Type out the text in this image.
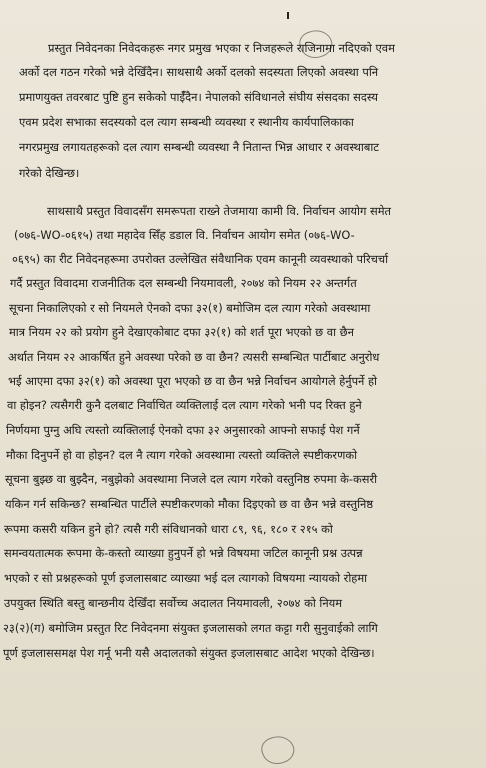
प्रस्तुत निवेदनका निवेदकहरू नगर प्रमुख भएका र निजहरूले राजिनामा नदिएको एवम
अर्को दल गठन गरेको भन्ने देखिँदैन। साथसाथै अर्को दलको सदस्यता लिएको अवस्था पनि
प्रमाणयुक्त तवरबाट पुष्टि हुन सकेको पाईँदैन। नेपालको संविधानले संघीय संसदका सदस्य
एवम प्रदेश सभाका सदस्यको दल त्याग सम्बन्धी व्यवस्था र स्थानीय कार्यपालिकाका
नगरप्रमुख लगायतहरूको दल त्याग सम्बन्धी व्यवस्था नै नितान्त भिन्न आधार र अवस्थाबाट
गरेको देखिन्छ।
साथसाथै प्रस्तुत विवादसँग समरूपता राख्ने तेजमाया कामी वि. निर्वाचन आयोग समेत
(०७६-WO-०६१५) तथा महादेव सिँह डडाल वि. निर्वाचन आयोग समेत (०७६-WO-
०६९५) का रीट निवेदनहरूमा उपरोक्त उल्लेखित संवैधानिक एवम कानूनी व्यवस्थाको परिचर्चा
गर्दै प्रस्तुत विवादमा राजनीतिक दल सम्बन्धी नियमावली, २०७४ को नियम २२ अन्तर्गत
सूचना निकालिएको र सो नियमले ऐनको दफा ३२(१) बमोजिम दल त्याग गरेको अवस्थामा
मात्र नियम २२ को प्रयोग हुने देखाएकोबाट दफा ३२(१) को शर्त पूरा भएको छ वा छैन
अर्थात नियम २२ आकर्षित हुने अवस्था परेको छ वा छैन? त्यसरी सम्बन्धित पार्टीबाट अनुरोध
भई आएमा दफा ३२(१) को अवस्था पूरा भएको छ वा छैन भन्ने निर्वाचन आयोगले हेर्नुपर्ने हो
वा होइन? त्यसैगरी कुनै दलबाट निर्वाचित व्यक्तिलाई दल त्याग गरेको भनी पद रिक्त हुने
निर्णयमा पुग्नु अघि त्यस्तो व्यक्तिलाई ऐनको दफा ३२ अनुसारको आफ्नो सफाई पेश गर्ने
मौका दिनुपर्ने हो वा होइन? दल नै त्याग गरेको अवस्थामा त्यस्तो व्यक्तिले स्पष्टीकरणको
सूचना बुझ्छ वा बुझ्दैन, नबुझेको अवस्थामा निजले दल त्याग गरेको वस्तुनिष्ठ रुपमा के-कसरी
यकिन गर्न सकिन्छ? सम्बन्धित पार्टीले स्पष्टीकरणको मौका दिइएको छ वा छैन भन्ने वस्तुनिष्ठ
रूपमा कसरी यकिन हुने हो? त्यसै गरी संविधानको धारा ८९, ९६, १८० र २१५ को
समन्वयतात्मक रूपमा के-कस्तो व्याख्या हुनुपर्ने हो भन्ने विषयमा जटिल कानूनी प्रश्न उत्पन्न
भएको र सो प्रश्नहरूको पूर्ण इजलासबाट व्याख्या भई दल त्यागको विषयमा न्यायको रोहमा
उपयुक्त स्थिति बस्तु बान्छनीय देखिँदा सर्वोच्च अदालत नियमावली, २०७४ को नियम
२३(२)(ग) बमोजिम प्रस्तुत रिट निवेदनमा संयुक्त इजलासको लगत कट्टा गरी सुनुवाईको लागि
पूर्ण इजलाससमक्ष पेश गर्नू भनी यसै अदालतको संयुक्त इजलासबाट आदेश भएको देखिन्छ।
